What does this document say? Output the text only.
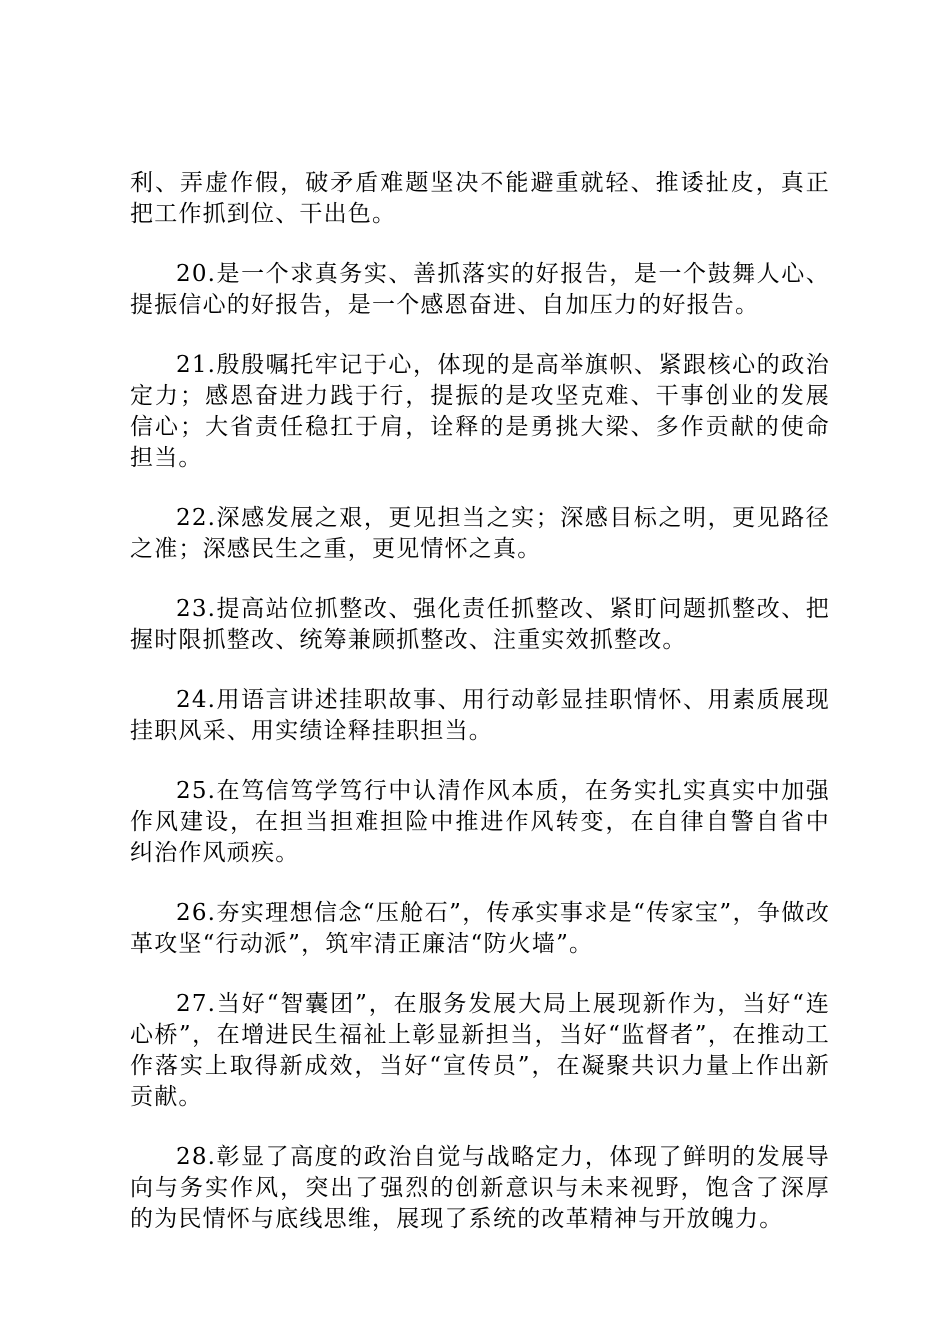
利、弄虚作假，破矛盾难题坚决不能避重就轻、推诿扯皮，真正把工作抓到位、干出色。

20.是一个求真务实、善抓落实的好报告，是一个鼓舞人心、提振信心的好报告，是一个感恩奋进、自加压力的好报告。

21.殷殷嘱托牢记于心，体现的是高举旗帜、紧跟核心的政治定力；感恩奋进力践于行，提振的是攻坚克难、干事创业的发展信心；大省责任稳扛于肩，诠释的是勇挑大梁、多作贡献的使命担当。

22.深感发展之艰，更见担当之实；深感目标之明，更见路径之准；深感民生之重，更见情怀之真。

23.提高站位抓整改、强化责任抓整改、紧盯问题抓整改、把握时限抓整改、统筹兼顾抓整改、注重实效抓整改。

24.用语言讲述挂职故事、用行动彰显挂职情怀、用素质展现挂职风采、用实绩诠释挂职担当。

25.在笃信笃学笃行中认清作风本质，在务实扎实真实中加强作风建设，在担当担难担险中推进作风转变，在自律自警自省中纠治作风顽疾。

26.夯实理想信念“压舱石”，传承实事求是“传家宝”，争做改革攻坚“行动派”，筑牢清正廉洁“防火墙”。

27.当好“智囊团”，在服务发展大局上展现新作为，当好“连心桥”，在增进民生福祉上彰显新担当，当好“监督者”，在推动工作落实上取得新成效，当好“宣传员”，在凝聚共识力量上作出新贡献。

28.彰显了高度的政治自觉与战略定力，体现了鲜明的发展导向与务实作风，突出了强烈的创新意识与未来视野，饱含了深厚的为民情怀与底线思维，展现了系统的改革精神与开放魄力。
